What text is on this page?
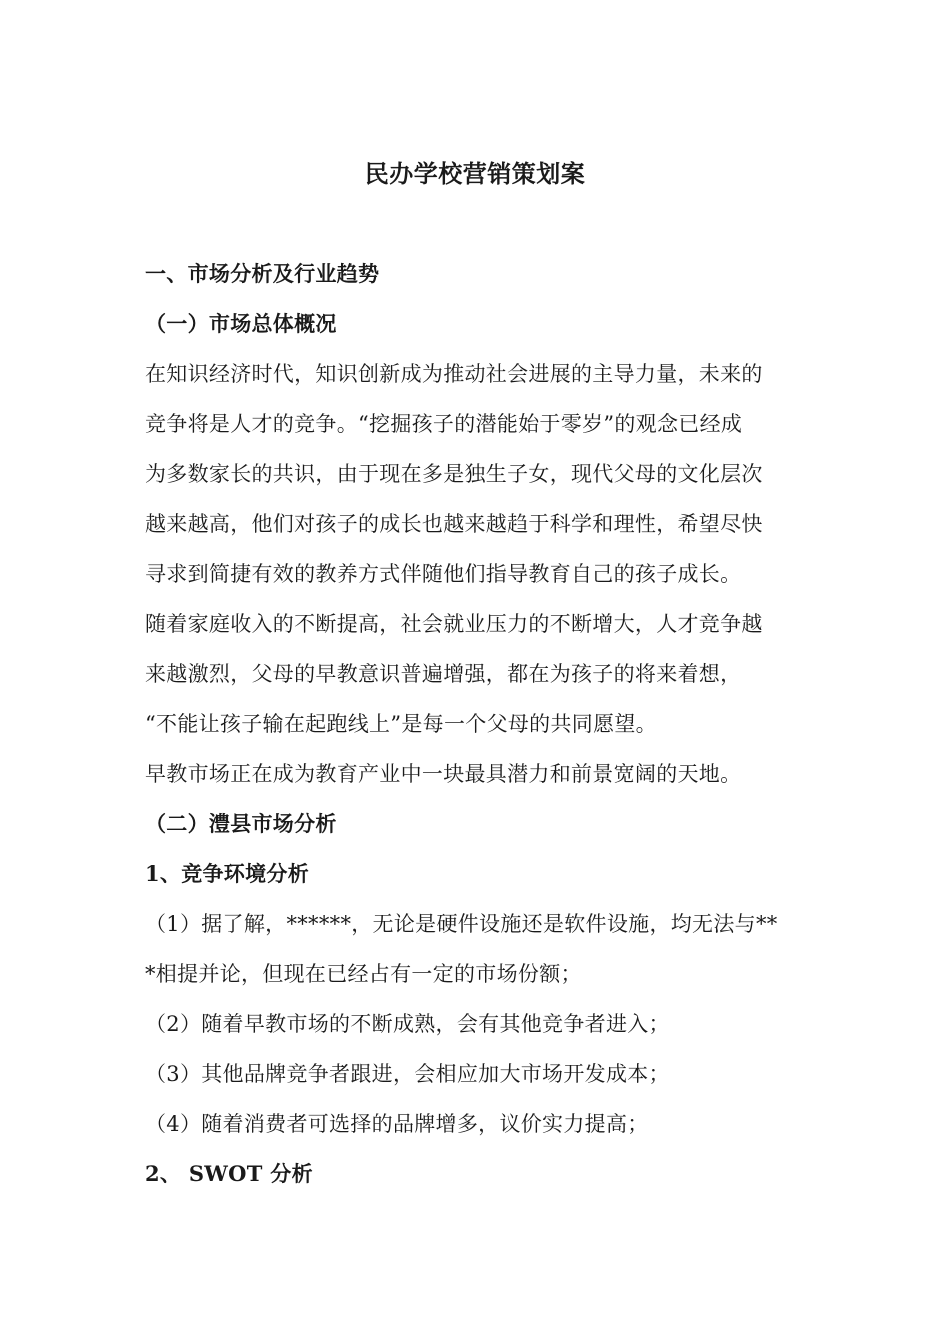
民办学校营销策划案
一、市场分析及行业趋势
（一）市场总体概况
在知识经济时代，知识创新成为推动社会进展的主导力量，未来的
竞争将是人才的竞争。“挖掘孩子的潜能始于零岁”的观念已经成
为多数家长的共识，由于现在多是独生子女，现代父母的文化层次
越来越高，他们对孩子的成长也越来越趋于科学和理性，希望尽快
寻求到简捷有效的教养方式伴随他们指导教育自己的孩子成长。
随着家庭收入的不断提高，社会就业压力的不断增大，人才竞争越
来越激烈，父母的早教意识普遍增强，都在为孩子的将来着想，
“不能让孩子输在起跑线上”是每一个父母的共同愿望。
早教市场正在成为教育产业中一块最具潜力和前景宽阔的天地。
（二）澧县市场分析
1、竞争环境分析
（1）据了解，******，无论是硬件设施还是软件设施，均无法与**
*相提并论，但现在已经占有一定的市场份额；
（2）随着早教市场的不断成熟，会有其他竞争者进入；
（3）其他品牌竞争者跟进，会相应加大市场开发成本；
（4）随着消费者可选择的品牌增多，议价实力提高；
2、 SWOT 分析
